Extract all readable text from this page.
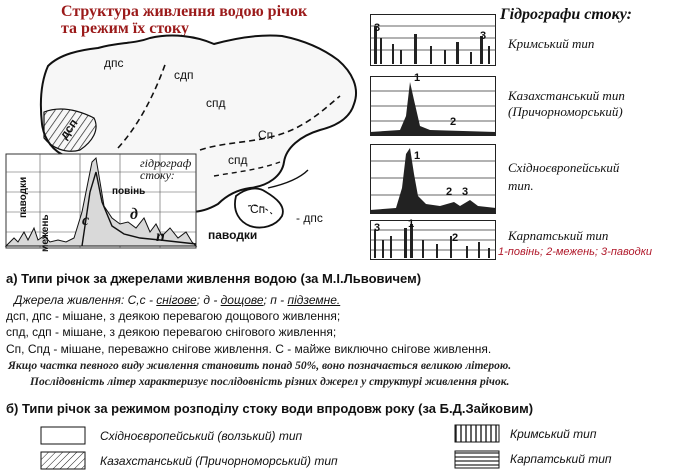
Структура живлення водою річок
та режим їх стоку
дпс
сдп
спд
дсп	Сп
спд
Сп
- дпс
паводки
межень
гідрограф
стоку:
повінь
с	д
п	паводки
Гідрографи стоку:
3
3
1
2
1
2 3
3	1
2
Кримський тип
Казахстанський тип
(Причорноморський)
Східноєвропейський
тип.
Карпатський тип
1-повінь; 2-межень; 3-паводки
а) Типи річок за джерелами живлення водою (за М.І.Львовичем)
Джерела живлення: С,с - снігове; д - дощове; п - підземне.
дсп, дпс - мішане, з деякою перевагою дощового живлення;
спд, сдп - мішане, з деякою перевагою снігового живлення;
Сп, Спд - мішане, переважно снігове живлення. С - майже виключно снігове живлення.
Якщо частка певного виду живлення становить понад 50%, воно позначається великою літерою.
Послідовність літер характеризує послідовність різних джерел у структурі живлення річок.
б) Типи річок за режимом розподілу стоку води впродовж року (за Б.Д.Зайковим)
Східноєвропейський (волзький) тип
Казахстанський (Причорноморський) тип
Кримський тип
Карпатський тип
